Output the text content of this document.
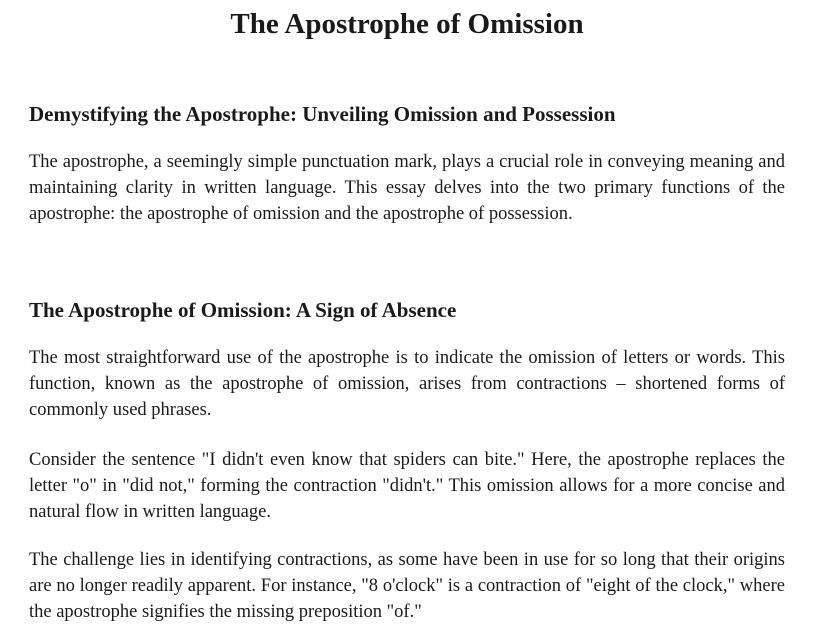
The Apostrophe of Omission
Demystifying the Apostrophe: Unveiling Omission and Possession

The apostrophe, a seemingly simple punctuation mark, plays a crucial role in conveying meaning and maintaining clarity in written language. This essay delves into the two primary functions of the apostrophe: the apostrophe of omission and the apostrophe of possession.

The Apostrophe of Omission: A Sign of Absence

The most straightforward use of the apostrophe is to indicate the omission of letters or words. This function, known as the apostrophe of omission, arises from contractions – shortened forms of commonly used phrases.

Consider the sentence "I didn't even know that spiders can bite." Here, the apostrophe replaces the letter "o" in "did not," forming the contraction "didn't." This omission allows for a more concise and natural flow in written language.

The challenge lies in identifying contractions, as some have been in use for so long that their origins are no longer readily apparent. For instance, "8 o'clock" is a contraction of "eight of the clock," where the apostrophe signifies the missing preposition "of."
